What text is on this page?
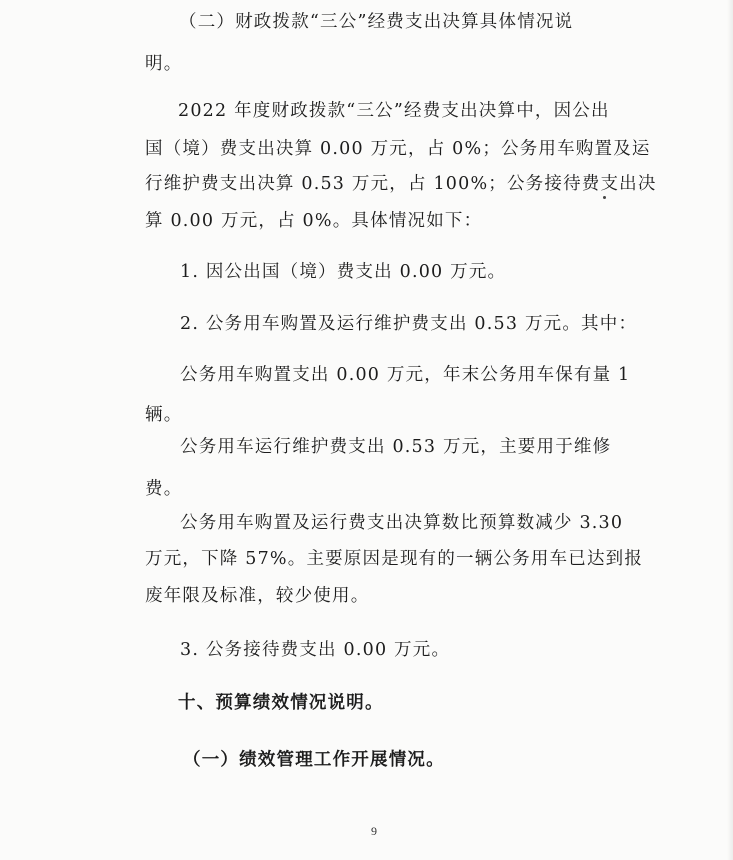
（二）财政拨款“三公”经费支出决算具体情况说
明。
2022 年度财政拨款“三公”经费支出决算中，因公出
国（境）费支出决算 0.00 万元，占 0%；公务用车购置及运
行维护费支出决算 0.53 万元，占 100%；公务接待费支出决
算 0.00 万元，占 0%。具体情况如下：
1. 因公出国（境）费支出 0.00 万元。
2. 公务用车购置及运行维护费支出 0.53 万元。其中：
公务用车购置支出 0.00 万元，年末公务用车保有量 1
辆。
公务用车运行维护费支出 0.53 万元，主要用于维修
费。
公务用车购置及运行费支出决算数比预算数减少 3.30
万元，下降 57%。主要原因是现有的一辆公务用车已达到报
废年限及标准，较少使用。
3. 公务接待费支出 0.00 万元。
十、预算绩效情况说明。
（一）绩效管理工作开展情况。
9
